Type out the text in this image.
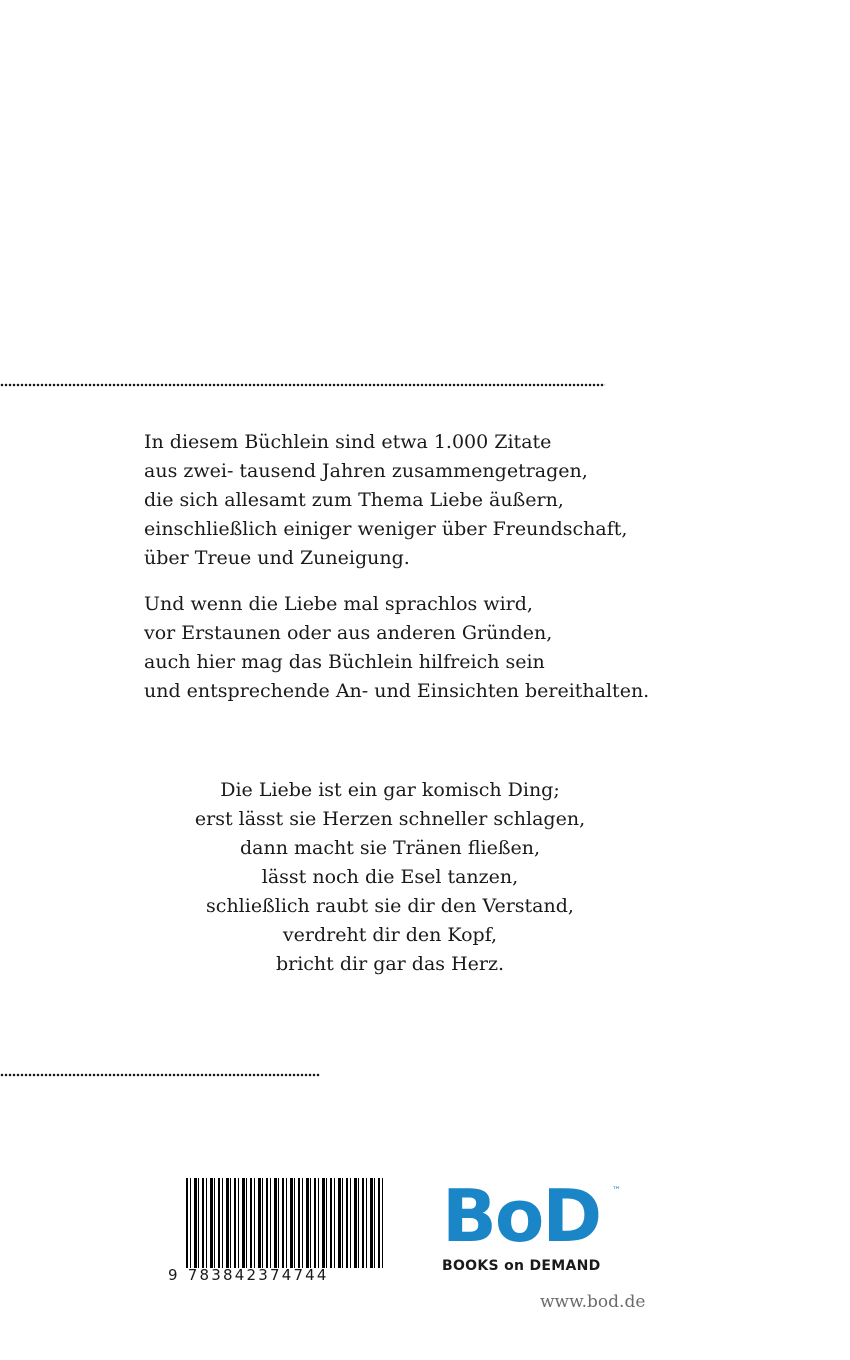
In diesem Büchlein sind etwa 1.000 Zitate
aus zwei- tausend Jahren zusammengetragen,
die sich allesamt zum Thema Liebe äußern,
einschließlich einiger weniger über Freundschaft,
über Treue und Zuneigung.

Und wenn die Liebe mal sprachlos wird,
vor Erstaunen oder aus anderen Gründen,
auch hier mag das Büchlein hilfreich sein
und entsprechende An- und Einsichten bereithalten.

Die Liebe ist ein gar komisch Ding;
erst lässt sie Herzen schneller schlagen,
dann macht sie Tränen fließen,
lässt noch die Esel tanzen,
schließlich raubt sie dir den Verstand,
verdreht dir den Kopf,
bricht dir gar das Herz.

9 783842374744
BoD ™
BOOKS on DEMAND
www.bod.de
